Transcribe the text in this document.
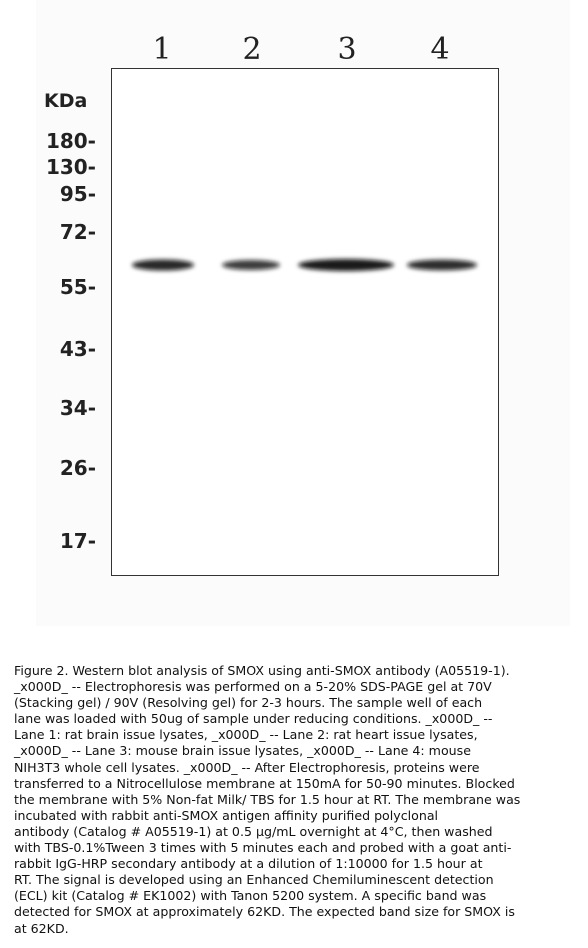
1	2	3	4
KDa
180-
130-
95-
72-
55-
43-
34-
26-
17-
Figure 2. Western blot analysis of SMOX using anti-SMOX antibody (A05519-1).
_x000D_ -- Electrophoresis was performed on a 5-20% SDS-PAGE gel at 70V
(Stacking gel) / 90V (Resolving gel) for 2-3 hours. The sample well of each
lane was loaded with 50ug of sample under reducing conditions. _x000D_ --
Lane 1: rat brain issue lysates, _x000D_ -- Lane 2: rat heart issue lysates,
_x000D_ -- Lane 3: mouse brain issue lysates, _x000D_ -- Lane 4: mouse
NIH3T3 whole cell lysates. _x000D_ -- After Electrophoresis, proteins were
transferred to a Nitrocellulose membrane at 150mA for 50-90 minutes. Blocked
the membrane with 5% Non-fat Milk/ TBS for 1.5 hour at RT. The membrane was
incubated with rabbit anti-SMOX antigen affinity purified polyclonal
antibody (Catalog # A05519-1) at 0.5 μg/mL overnight at 4°C, then washed
with TBS-0.1%Tween 3 times with 5 minutes each and probed with a goat anti-
rabbit IgG-HRP secondary antibody at a dilution of 1:10000 for 1.5 hour at
RT. The signal is developed using an Enhanced Chemiluminescent detection
(ECL) kit (Catalog # EK1002) with Tanon 5200 system. A specific band was
detected for SMOX at approximately 62KD. The expected band size for SMOX is
at 62KD.
